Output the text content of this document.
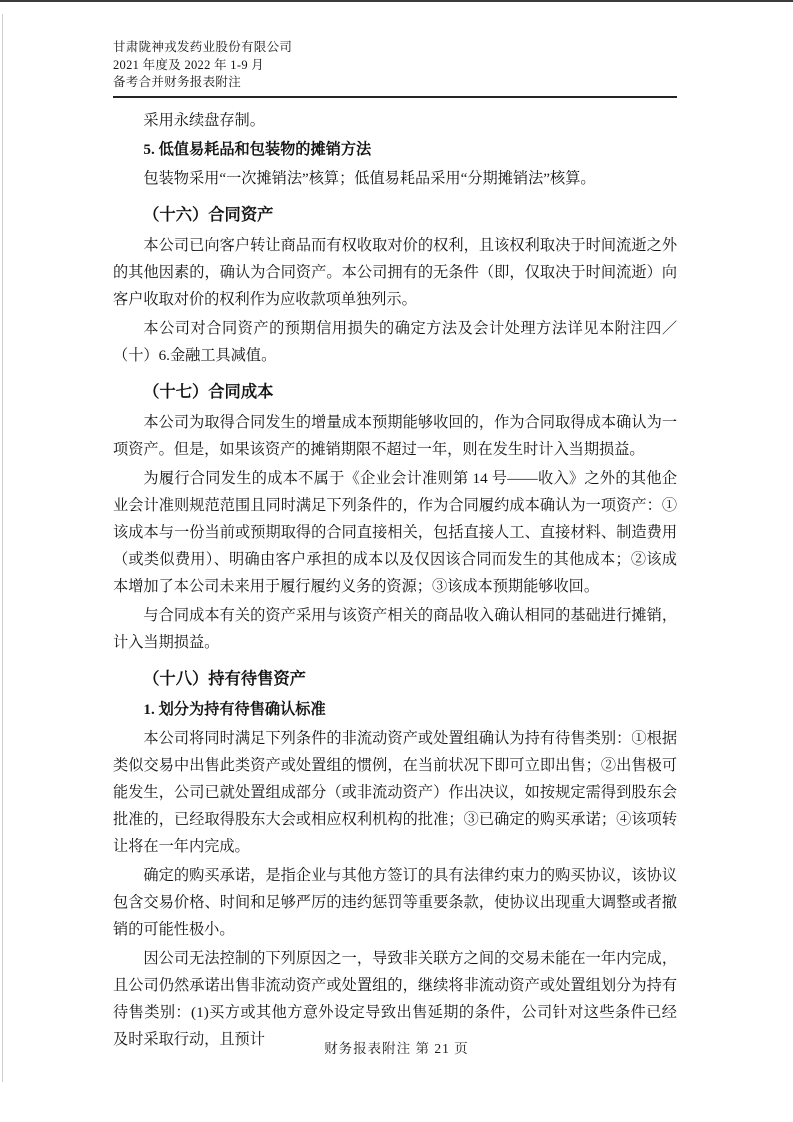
甘肃陇神戎发药业股份有限公司
2021 年度及 2022 年 1-9 月
备考合并财务报表附注

采用永续盘存制。

5. 低值易耗品和包装物的摊销方法

包装物采用“一次摊销法”核算；低值易耗品采用“分期摊销法”核算。

（十六）合同资产

本公司已向客户转让商品而有权收取对价的权利，且该权利取决于时间流逝之外的其他因素的，确认为合同资产。本公司拥有的无条件（即，仅取决于时间流逝）向客户收取对价的权利作为应收款项单独列示。

本公司对合同资产的预期信用损失的确定方法及会计处理方法详见本附注四／（十）6.金融工具减值。

（十七）合同成本

本公司为取得合同发生的增量成本预期能够收回的，作为合同取得成本确认为一项资产。但是，如果该资产的摊销期限不超过一年，则在发生时计入当期损益。

为履行合同发生的成本不属于《企业会计准则第 14 号——收入》之外的其他企业会计准则规范范围且同时满足下列条件的，作为合同履约成本确认为一项资产：①该成本与一份当前或预期取得的合同直接相关，包括直接人工、直接材料、制造费用（或类似费用）、明确由客户承担的成本以及仅因该合同而发生的其他成本；②该成本增加了本公司未来用于履行履约义务的资源；③该成本预期能够收回。

与合同成本有关的资产采用与该资产相关的商品收入确认相同的基础进行摊销，计入当期损益。

（十八）持有待售资产

1. 划分为持有待售确认标准

本公司将同时满足下列条件的非流动资产或处置组确认为持有待售类别：①根据类似交易中出售此类资产或处置组的惯例，在当前状况下即可立即出售；②出售极可能发生，公司已就处置组成部分（或非流动资产）作出决议，如按规定需得到股东会批准的，已经取得股东大会或相应权利机构的批准；③已确定的购买承诺；④该项转让将在一年内完成。

确定的购买承诺，是指企业与其他方签订的具有法律约束力的购买协议，该协议包含交易价格、时间和足够严厉的违约惩罚等重要条款，使协议出现重大调整或者撤销的可能性极小。

因公司无法控制的下列原因之一，导致非关联方之间的交易未能在一年内完成，且公司仍然承诺出售非流动资产或处置组的，继续将非流动资产或处置组划分为持有待售类别：(1)买方或其他方意外设定导致出售延期的条件，公司针对这些条件已经及时采取行动，且预计

财务报表附注 第 21 页
